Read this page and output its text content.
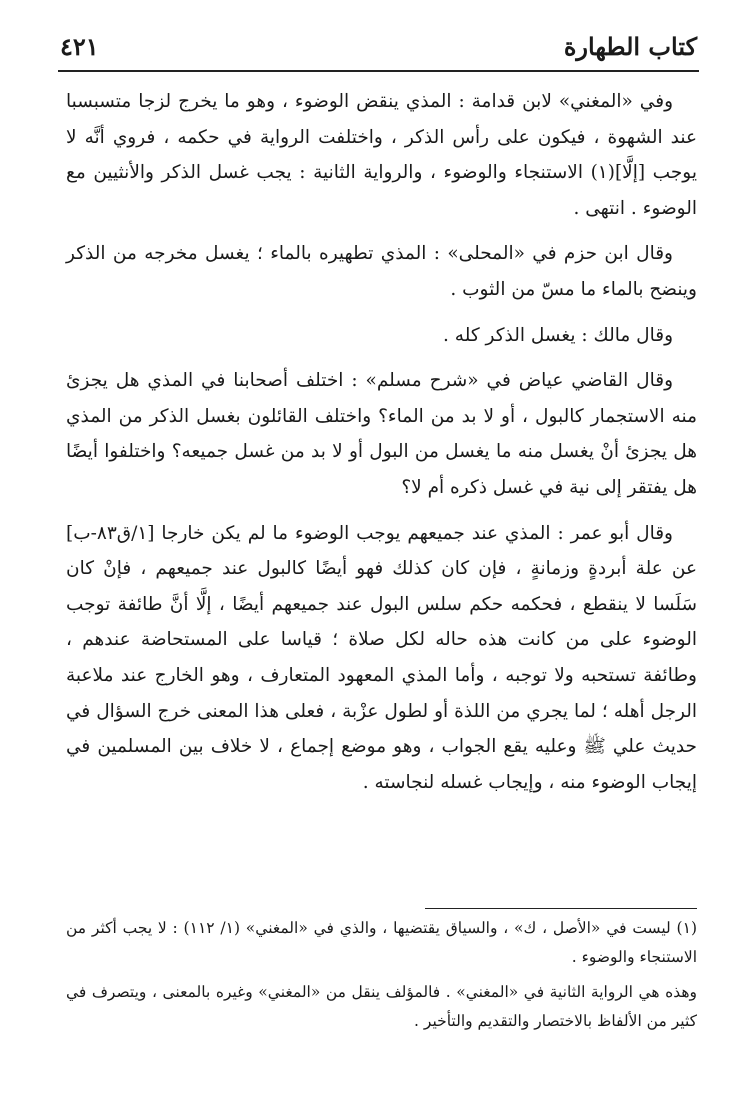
كتاب الطهارة
٤٢١

وفي «المغني» لابن قدامة : المذي ينقض الوضوء ، وهو ما يخرج لزجا متسبسبا عند الشهوة ، فيكون على رأس الذكر ، واختلفت الرواية في حكمه ، فروي أنَّه لا يوجب [إلَّا](١) الاستنجاء والوضوء ، والرواية الثانية : يجب غسل الذكر والأنثيين مع الوضوء . انتهى .

وقال ابن حزم في «المحلى» : المذي تطهيره بالماء ؛ يغسل مخرجه من الذكر وينضح بالماء ما مسّ من الثوب .

وقال مالك : يغسل الذكر كله .

وقال القاضي عياض في «شرح مسلم» : اختلف أصحابنا في المذي هل يجزئ منه الاستجمار كالبول ، أو لا بد من الماء؟ واختلف القائلون بغسل الذكر من المذي هل يجزئ أنْ يغسل منه ما يغسل من البول أو لا بد من غسل جميعه؟ واختلفوا أيضًا هل يفتقر إلى نية في غسل ذكره أم لا؟

وقال أبو عمر : المذي عند جميعهم يوجب الوضوء ما لم يكن خارجا [١/ق٨٣-ب] عن علة أبردةٍ وزمانةٍ ، فإن كان كذلك فهو أيضًا كالبول عند جميعهم ، فإنْ كان سَلَسا لا ينقطع ، فحكمه حكم سلس البول عند جميعهم أيضًا ، إلَّا أنَّ طائفة توجب الوضوء على من كانت هذه حاله لكل صلاة ؛ قياسا على المستحاضة عندهم ، وطائفة تستحبه ولا توجبه ، وأما المذي المعهود المتعارف ، وهو الخارج عند ملاعبة الرجل أهله ؛ لما يجري من اللذة أو لطول عزْبة ، فعلى هذا المعنى خرج السؤال في حديث علي ﷺ وعليه يقع الجواب ، وهو موضع إجماع ، لا خلاف بين المسلمين في إيجاب الوضوء منه ، وإيجاب غسله لنجاسته .

(١) ليست في «الأصل ، ك» ، والسياق يقتضيها ، والذي في «المغني» (١/ ١١٢) : لا يجب أكثر من الاستنجاء والوضوء .

وهذه هي الرواية الثانية في «المغني» . فالمؤلف ينقل من «المغني» وغيره بالمعنى ، ويتصرف في كثير من الألفاظ بالاختصار والتقديم والتأخير .
